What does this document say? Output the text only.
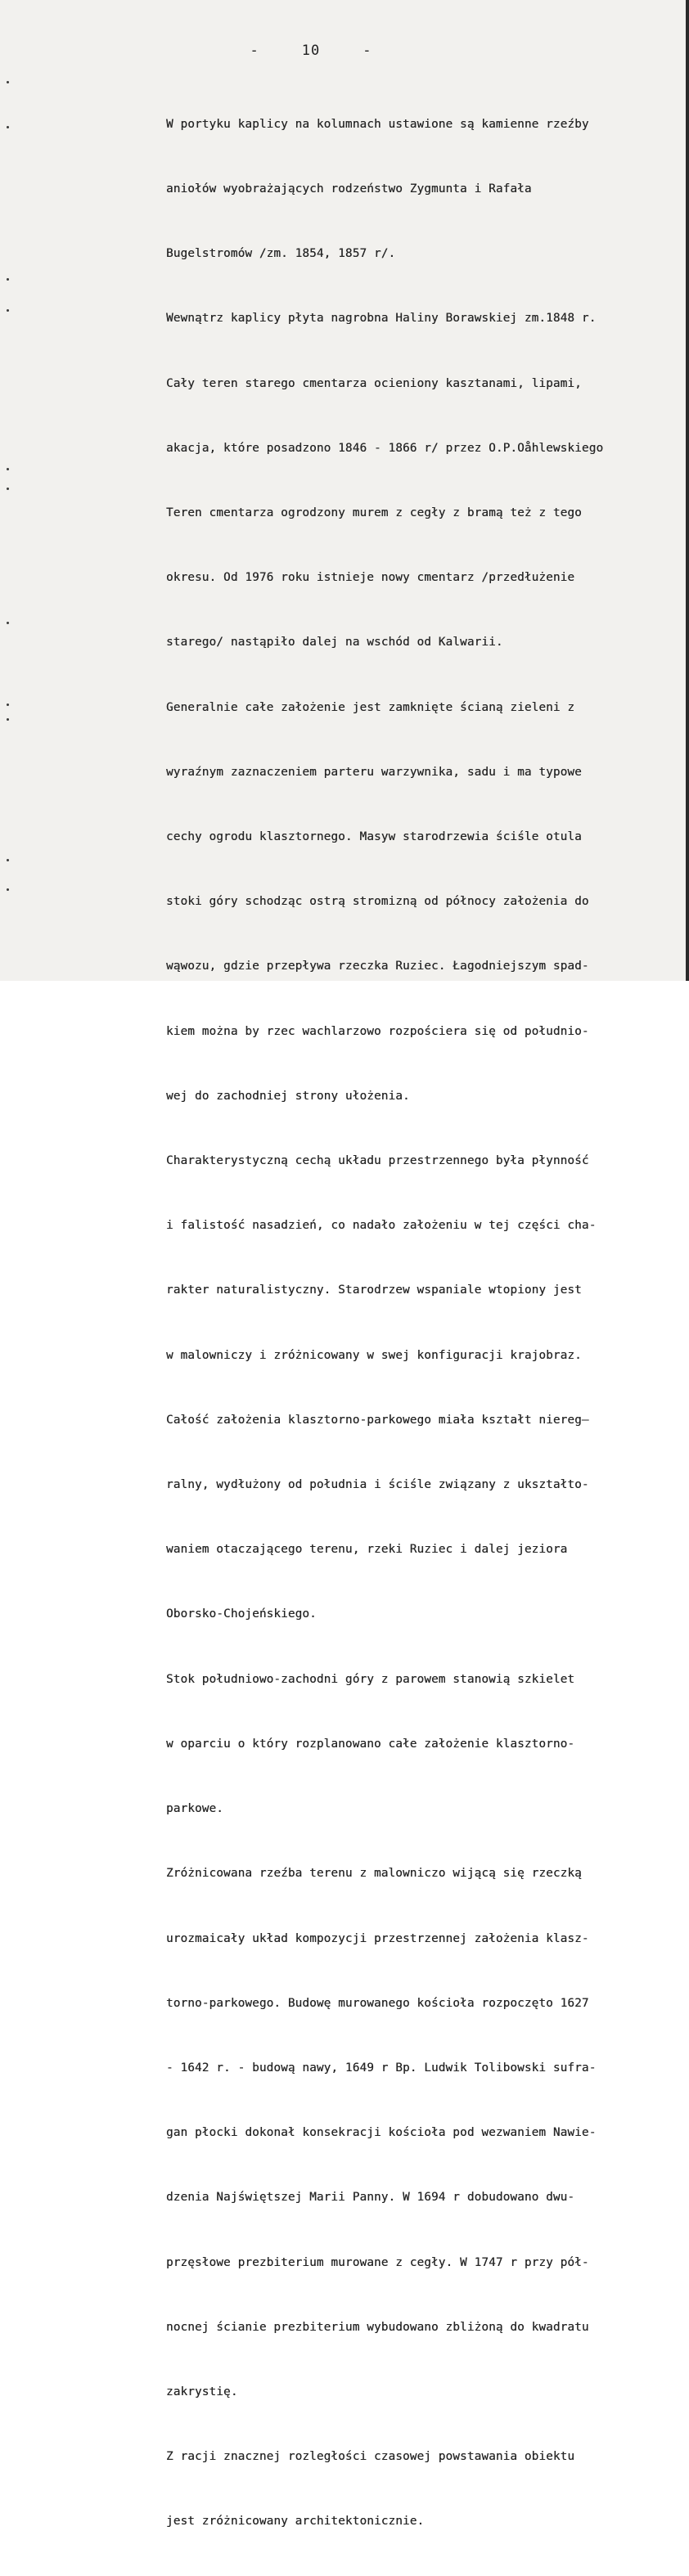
-	10	-

W portyku kaplicy na kolumnach ustawione są kamienne rzeźby

aniołów wyobrażających rodzeństwo Zygmunta i Rafała

Bugelstromów /zm. 1854, 1857 r/.

Wewnątrz kaplicy płyta nagrobna Haliny Borawskiej zm.1848 r.

Cały teren starego cmentarza ocieniony kasztanami, lipami,

akacja, które posadzono 1846 - 1866 r/ przez O.P.Oåhlewskiego

Teren cmentarza ogrodzony murem z cegły z bramą też z tego

okresu. Od 1976 roku istnieje nowy cmentarz /przedłużenie

starego/ nastąpiło dalej na wschód od Kalwarii.

Generalnie całe założenie jest zamknięte ścianą zieleni z

wyraźnym zaznaczeniem parteru warzywnika, sadu i ma typowe

cechy ogrodu klasztornego. Masyw starodrzewia ściśle otula

stoki góry schodząc ostrą stromizną od północy założenia do

wąwozu, gdzie przepływa rzeczka Ruziec. Łagodniejszym spad-

kiem można by rzec wachlarzowo rozpościera się od południo-

wej do zachodniej strony ułożenia.

Charakterystyczną cechą układu przestrzennego była płynność

i falistość nasadzień, co nadało założeniu w tej części cha-

rakter naturalistyczny. Starodrzew wspaniale wtopiony jest

w malowniczy i zróżnicowany w swej konfiguracji krajobraz.

Całość założenia klasztorno-parkowego miała kształt niereg—

ralny, wydłużony od południa i ściśle związany z ukształto-

waniem otaczającego terenu, rzeki Ruziec i dalej jeziora

Oborsko-Chojeńskiego.

Stok południowo-zachodni góry z parowem stanowią szkielet

w oparciu o który rozplanowano całe założenie klasztorno-

parkowe.

Zróżnicowana rzeźba terenu z malowniczo wijącą się rzeczką

urozmaicały układ kompozycji przestrzennej założenia klasz-

torno-parkowego. Budowę murowanego kościoła rozpoczęto 1627

- 1642 r. - budową nawy, 1649 r Bp. Ludwik Tolibowski sufra-

gan płocki dokonał konsekracji kościoła pod wezwaniem Nawie-

dzenia Najświętszej Marii Panny. W 1694 r dobudowano dwu-

przęsłowe prezbiterium murowane z cegły. W 1747 r przy pół-

nocnej ścianie prezbiterium wybudowano zbliżoną do kwadratu

zakrystię.

Z racji znacznej rozległości czasowej powstawania obiektu

jest zróżnicowany architektonicznie.
